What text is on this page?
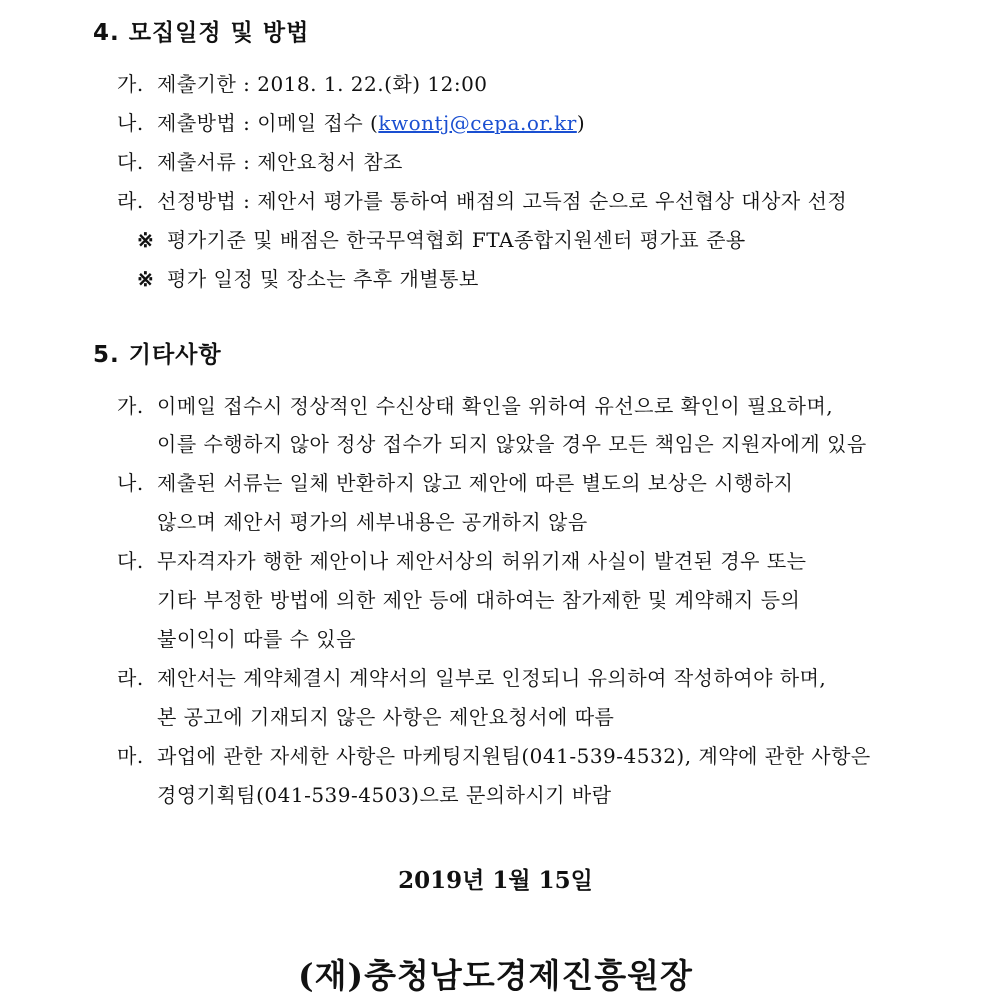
4. 모집일정 및 방법
가. 제출기한 : 2018. 1. 22.(화) 12:00
나. 제출방법 : 이메일 접수 (kwontj@cepa.or.kr)
다. 제출서류 : 제안요청서 참조
라. 선정방법 : 제안서 평가를 통하여 배점의 고득점 순으로 우선협상 대상자 선정
※ 평가기준 및 배점은 한국무역협회 FTA종합지원센터 평가표 준용
※ 평가 일정 및 장소는 추후 개별통보
5. 기타사항
가. 이메일 접수시 정상적인 수신상태 확인을 위하여 유선으로 확인이 필요하며,
이를 수행하지 않아 정상 접수가 되지 않았을 경우 모든 책임은 지원자에게 있음
나. 제출된 서류는 일체 반환하지 않고 제안에 따른 별도의 보상은 시행하지
않으며 제안서 평가의 세부내용은 공개하지 않음
다. 무자격자가 행한 제안이나 제안서상의 허위기재 사실이 발견된 경우 또는
기타 부정한 방법에 의한 제안 등에 대하여는 참가제한 및 계약해지 등의
불이익이 따를 수 있음
라. 제안서는 계약체결시 계약서의 일부로 인정되니 유의하여 작성하여야 하며,
본 공고에 기재되지 않은 사항은 제안요청서에 따름
마. 과업에 관한 자세한 사항은 마케팅지원팀(041-539-4532), 계약에 관한 사항은
경영기획팀(041-539-4503)으로 문의하시기 바람
2019년 1월 15일
(재)충청남도경제진흥원장
